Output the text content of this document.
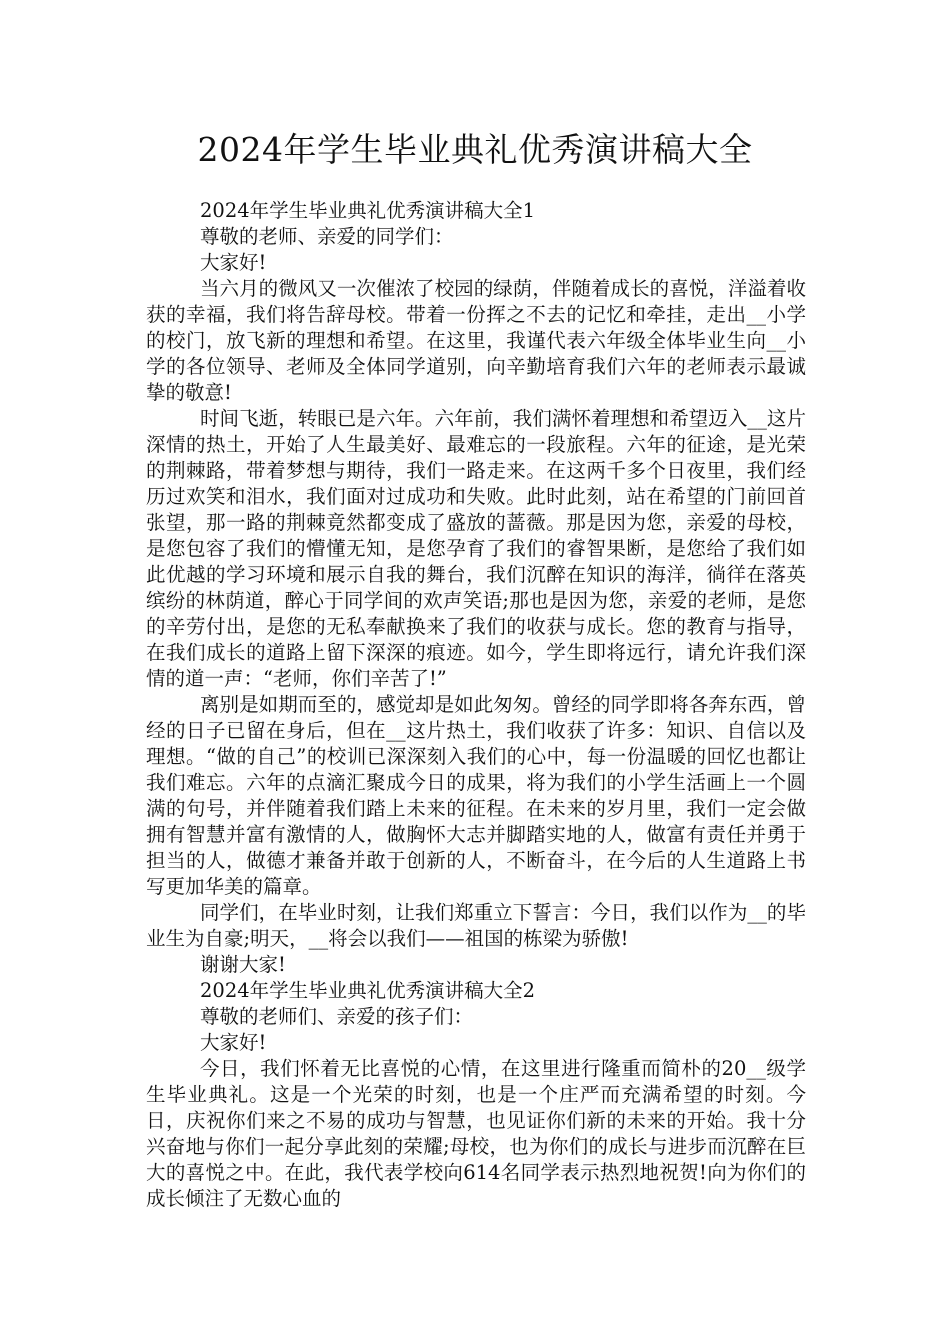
2024年学生毕业典礼优秀演讲稿大全

2024年学生毕业典礼优秀演讲稿大全1

尊敬的老师、亲爱的同学们：

大家好!

当六月的微风又一次催浓了校园的绿荫，伴随着成长的喜悦，洋溢着收获的幸福，我们将告辞母校。带着一份挥之不去的记忆和牵挂，走出__小学的校门，放飞新的理想和希望。在这里，我谨代表六年级全体毕业生向__小学的各位领导、老师及全体同学道别，向辛勤培育我们六年的老师表示最诚挚的敬意!

时间飞逝，转眼已是六年。六年前，我们满怀着理想和希望迈入__这片深情的热土，开始了人生最美好、最难忘的一段旅程。六年的征途，是光荣的荆棘路，带着梦想与期待，我们一路走来。在这两千多个日夜里，我们经历过欢笑和泪水，我们面对过成功和失败。此时此刻，站在希望的门前回首张望，那一路的荆棘竟然都变成了盛放的蔷薇。那是因为您，亲爱的母校，是您包容了我们的懵懂无知，是您孕育了我们的睿智果断，是您给了我们如此优越的学习环境和展示自我的舞台，我们沉醉在知识的海洋，徜徉在落英缤纷的林荫道，醉心于同学间的欢声笑语;那也是因为您，亲爱的老师，是您的辛劳付出，是您的无私奉献换来了我们的收获与成长。您的教育与指导，在我们成长的道路上留下深深的痕迹。如今，学生即将远行，请允许我们深情的道一声：“老师，你们辛苦了!”

离别是如期而至的，感觉却是如此匆匆。曾经的同学即将各奔东西，曾经的日子已留在身后，但在__这片热土，我们收获了许多：知识、自信以及理想。“做的自己”的校训已深深刻入我们的心中，每一份温暖的回忆也都让我们难忘。六年的点滴汇聚成今日的成果，将为我们的小学生活画上一个圆满的句号，并伴随着我们踏上未来的征程。在未来的岁月里，我们一定会做拥有智慧并富有激情的人，做胸怀大志并脚踏实地的人，做富有责任并勇于担当的人，做德才兼备并敢于创新的人，不断奋斗，在今后的人生道路上书写更加华美的篇章。

同学们，在毕业时刻，让我们郑重立下誓言：今日，我们以作为__的毕业生为自豪;明天，__将会以我们——祖国的栋梁为骄傲!

谢谢大家!

2024年学生毕业典礼优秀演讲稿大全2

尊敬的老师们、亲爱的孩子们：

大家好!

今日，我们怀着无比喜悦的心情，在这里进行隆重而简朴的20__级学生毕业典礼。这是一个光荣的时刻，也是一个庄严而充满希望的时刻。今日，庆祝你们来之不易的成功与智慧，也见证你们新的未来的开始。我十分兴奋地与你们一起分享此刻的荣耀;母校，也为你们的成长与进步而沉醉在巨大的喜悦之中。在此，我代表学校向614名同学表示热烈地祝贺!向为你们的成长倾注了无数心血的
